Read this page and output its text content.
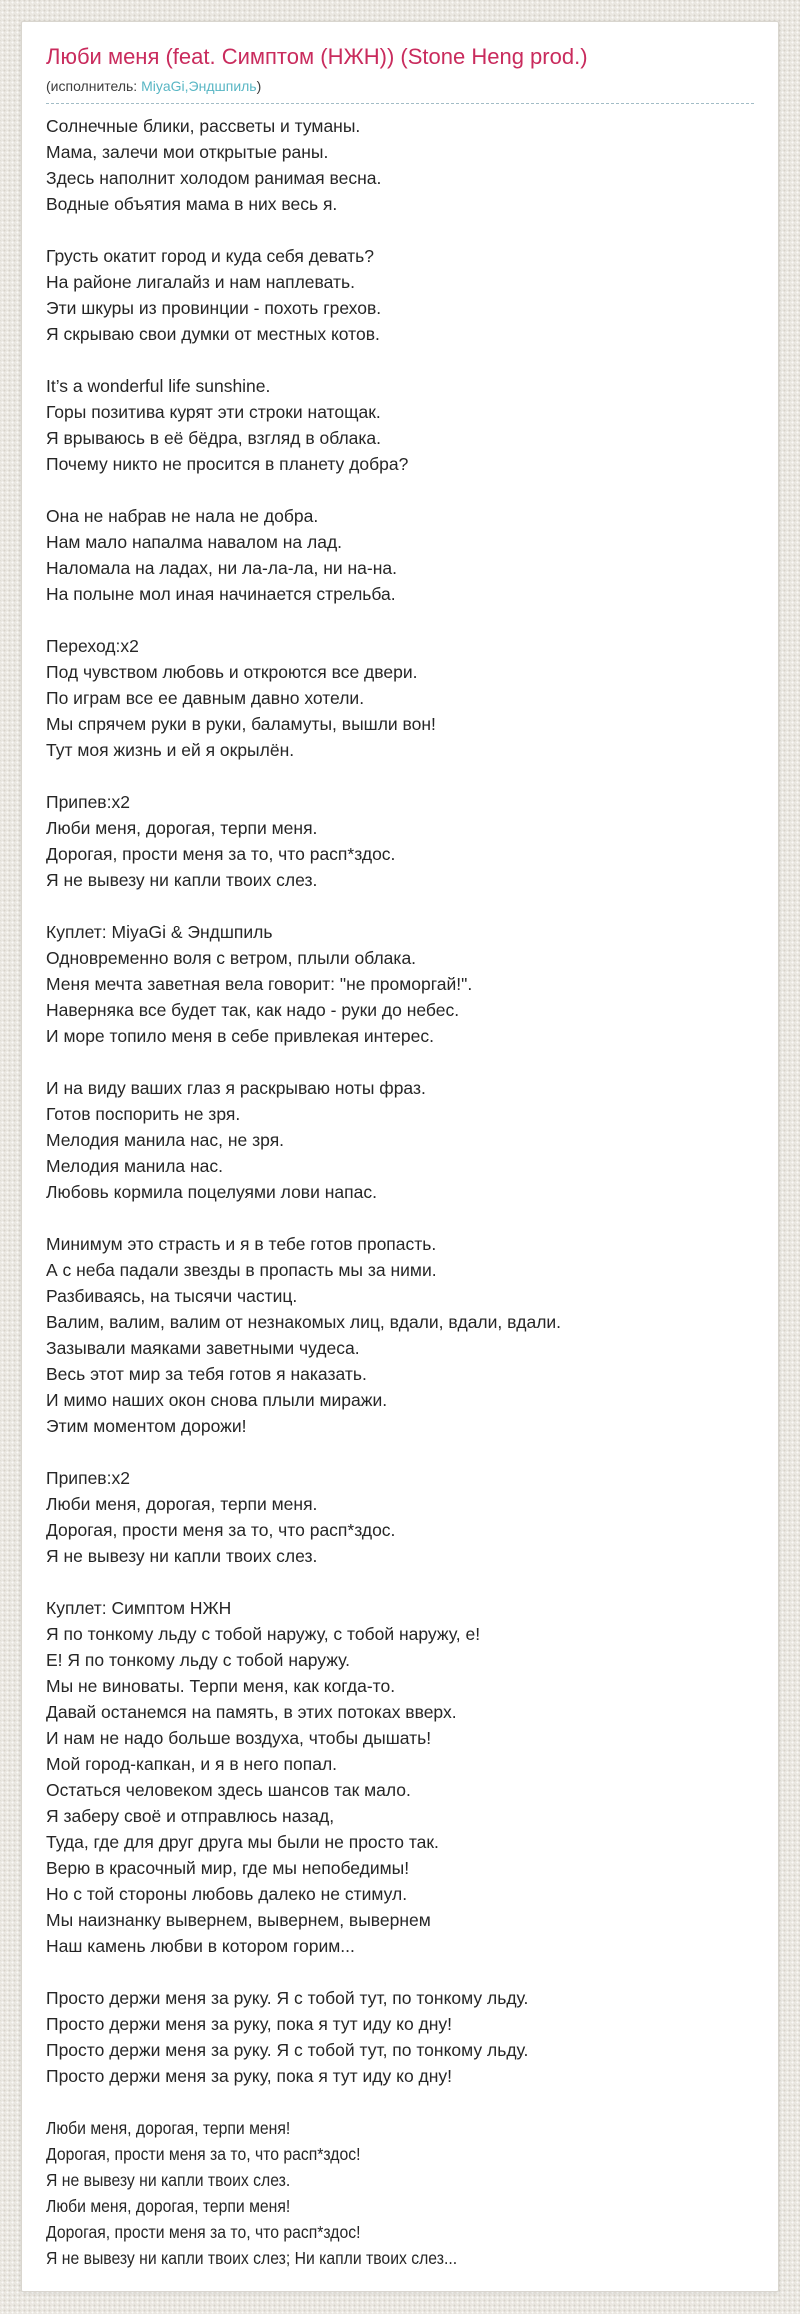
Люби меня (feat. Симптом (НЖН)) (Stone Heng prod.)
(исполнитель: MiyaGi,Эндшпиль)
Солнечные блики, рассветы и туманы.
Мама, залечи мои открытые раны.
Здесь наполнит холодом ранимая весна.
Водные объятия мама в них весь я.

Грусть окатит город и куда себя девать?
На районе лигалайз и нам наплевать.
Эти шкуры из провинции - похоть грехов.
Я скрываю свои думки от местных котов.

It’s a wonderful life sunshine.
Горы позитива курят эти строки натощак.
Я врываюсь в её бёдра, взгляд в облака.
Почему никто не просится в планету добра?

Она не набрав не нала не добра.
Нам мало напалма навалом на лад.
Наломала на ладах, ни ла-ла-ла, ни на-на.
На полыне мол иная начинается стрельба.

Переход:x2
Под чувством любовь и откроются все двери.
По играм все ее давным давно хотели.
Мы спрячем руки в руки, баламуты, вышли вон!
Тут моя жизнь и ей я окрылён.

Припев:x2
Люби меня, дорогая, терпи меня.
Дорогая, прости меня за то, что расп*здос.
Я не вывезу ни капли твоих слез.

Куплет: MiyaGi & Эндшпиль
Одновременно воля с ветром, плыли облака.
Меня мечта заветная вела говорит: "не проморгай!".
Наверняка все будет так, как надо - руки до небес.
И море топило меня в себе привлекая интерес.

И на виду ваших глаз я раскрываю ноты фраз.
Готов поспорить не зря.
Мелодия манила нас, не зря.
Мелодия манила нас.
Любовь кормила поцелуями лови напас.

Минимум это страсть и я в тебе готов пропасть.
А с неба падали звезды в пропасть мы за ними.
Разбиваясь, на тысячи частиц.
Валим, валим, валим от незнакомых лиц, вдали, вдали, вдали.
Зазывали маяками заветными чудеса.
Весь этот мир за тебя готов я наказать.
И мимо наших окон снова плыли миражи.
Этим моментом дорожи!

Припев:x2
Люби меня, дорогая, терпи меня.
Дорогая, прости меня за то, что расп*здос.
Я не вывезу ни капли твоих слез.

Куплет: Симптом НЖН
Я по тонкому льду с тобой наружу, с тобой наружу, е!
Е! Я по тонкому льду с тобой наружу.
Мы не виноваты. Терпи меня, как когда-то.
Давай останемся на память, в этих потоках вверх.
И нам не надо больше воздуха, чтобы дышать!
Мой город-капкан, и я в него попал.
Остаться человеком здесь шансов так мало.
Я заберу своё и отправлюсь назад,
Туда, где для друг друга мы были не просто так.
Верю в красочный мир, где мы непобедимы!
Но с той стороны любовь далеко не стимул.
Мы наизнанку вывернем, вывернем, вывернем
Наш камень любви в котором горим...

Просто держи меня за руку. Я с тобой тут, по тонкому льду.
Просто держи меня за руку, пока я тут иду ко дну!
Просто держи меня за руку. Я с тобой тут, по тонкому льду.
Просто держи меня за руку, пока я тут иду ко дну!

Люби меня, дорогая, терпи меня!
Дорогая, прости меня за то, что расп*здос!
Я не вывезу ни капли твоих слез.
Люби меня, дорогая, терпи меня!
Дорогая, прости меня за то, что расп*здос!
Я не вывезу ни капли твоих слез; Ни капли твоих слез...
